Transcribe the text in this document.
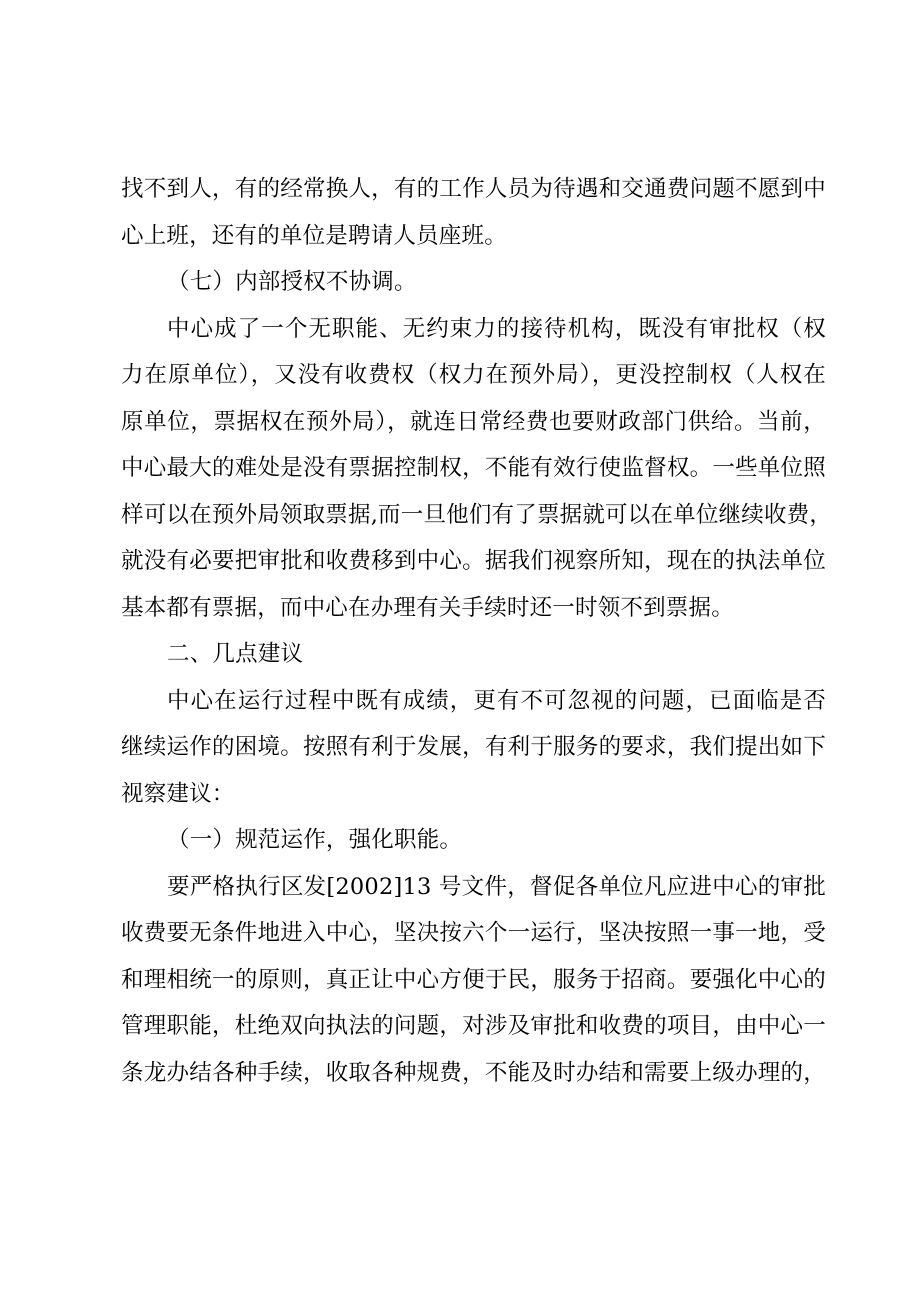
找不到人，有的经常换人，有的工作人员为待遇和交通费问题不愿到中
心上班，还有的单位是聘请人员座班。
（七）内部授权不协调。
中心成了一个无职能、无约束力的接待机构，既没有审批权（权
力在原单位），又没有收费权（权力在预外局），更没控制权（人权在
原单位，票据权在预外局），就连日常经费也要财政部门供给。当前，
中心最大的难处是没有票据控制权，不能有效行使监督权。一些单位照
样可以在预外局领取票据,而一旦他们有了票据就可以在单位继续收费，
就没有必要把审批和收费移到中心。据我们视察所知，现在的执法单位
基本都有票据，而中心在办理有关手续时还一时领不到票据。
二、几点建议
中心在运行过程中既有成绩，更有不可忽视的问题，已面临是否
继续运作的困境。按照有利于发展，有利于服务的要求，我们提出如下
视察建议：
（一）规范运作，强化职能。
要严格执行区发[2002]13 号文件，督促各单位凡应进中心的审批
收费要无条件地进入中心，坚决按六个一运行，坚决按照一事一地，受
和理相统一的原则，真正让中心方便于民，服务于招商。要强化中心的
管理职能，杜绝双向执法的问题，对涉及审批和收费的项目，由中心一
条龙办结各种手续，收取各种规费，不能及时办结和需要上级办理的，
